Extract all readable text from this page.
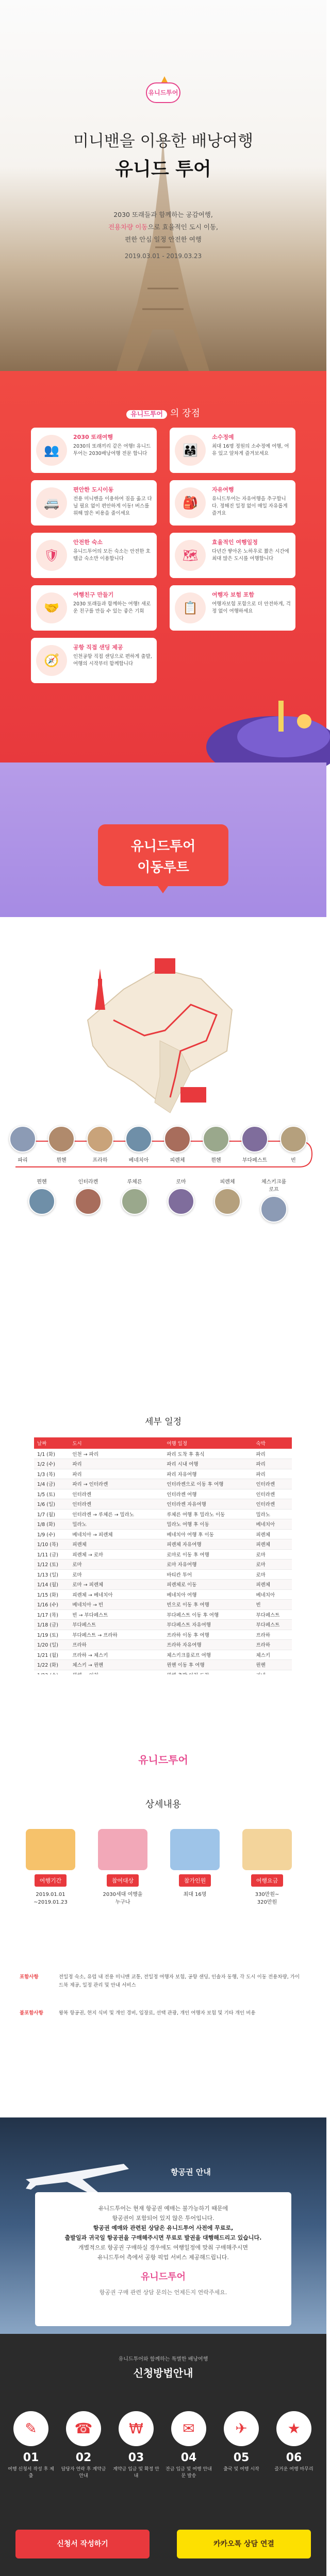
유니드투어
미니밴을 이용한 배낭여행
유니드 투어
2030 또래들과 함께하는 공감여행,
전용차량 이동으로 효율적인 도시 이동,
편한 안심 일정 안전한 여행
2019.03.01 - 2019.03.23
유니드투어 의 장점
👥
2030 또래여행
2030의 또래끼리 같은 여행! 유니드투어는 2030배낭여행 전문 합니다	👨‍👩‍👧
소수정예
최대 16명 정원의 소수정예 여행, 여유 있고 알차게 즐겨보세요
🚐
편안한 도시이동
전용 미니밴을 이용하여 짐을 옮고 다닐 필요 없이 편안하게 이동! 버스를 위해 많은 비용을 줄이세요
🎒
자유여행
유니드투어는 자유여행을 추구합니다. 정해진 일정 없이 매일 자유롭게 즐겨요
🛡
안전한 숙소
유니드투어의 모든 숙소는 안전한 호텔급 숙소만 이용합니다	🗺
효율적인 여행일정
다년간 쌓아온 노하우로 짧은 시간에 최대 많은 도시를 여행합니다
🤝
여행친구 만들기
2030 또래들과 함께하는 여행! 새로운 친구를 만들 수 있는 좋은 기회	📋
여행자 보험 포함
여행자보험 포함으로 더 안전하게, 걱정 없이 여행하세요
🧭
공항 직접 샌딩 제공
인천공항 직접 샌딩으로 편하게 출발, 여행의 시작부터 함께합니다
유니드투어
이동루트
파리	뮌헨	프라하	베네치아	피렌체	뮌헨	부다페스트	빈
뮌헨	인터라켄	루체른	로마	피렌체	체스키크룸로프
세부 일정
날짜	도시	여행 일정	숙박
1/1 (화)	인천 → 파리	파리 도착 후 휴식	파리
1/2 (수)	파리	파리 시내 여행	파리
1/3 (목)	파리	파리 자유여행	파리
1/4 (금)	파리 → 인터라켄	인터라켄으로 이동 후 여행	인터라켄
1/5 (토)	인터라켄	인터라켄 여행	인터라켄
1/6 (일)	인터라켄	인터라켄 자유여행	인터라켄
1/7 (월)	인터라켄 → 루체른 → 밀라노	루체른 여행 후 밀라노 이동	밀라노
1/8 (화)	밀라노	밀라노 여행 후 이동	베네치아
1/9 (수)	베네치아 → 피렌체	베네치아 여행 후 이동	피렌체
1/10 (목)	피렌체	피렌체 자유여행	피렌체
1/11 (금)	피렌체 → 로마	로마로 이동 후 여행	로마
1/12 (토)	로마	로마 자유여행	로마
1/13 (일)	로마	바티칸 투어	로마
1/14 (월)	로마 → 피렌체	피렌체로 이동	피렌체
1/15 (화)	피렌체 → 베네치아	베네치아 여행	베네치아
1/16 (수)	베네치아 → 빈	빈으로 이동 후 여행	빈
1/17 (목)	빈 → 부다페스트	부다페스트 이동 후 여행	부다페스트
1/18 (금)	부다페스트	부다페스트 자유여행	부다페스트
1/19 (토)	부다페스트 → 프라하	프라하 이동 후 여행	프라하
1/20 (일)	프라하	프라하 자유여행	프라하
1/21 (월)	프라하 → 체스키	체스키크룸로프 여행	체스키
1/22 (화)	체스키 → 뮌헨	뮌헨 이동 후 여행	뮌헨

유니드투어
상세내용
여행기간
2019.01.01
~2019.01.23
참여대상
2030세대 여행을
누구나
참가인원
최대 16명
여행요금
330만원~
320만원
포함사항	전일정 숙소, 유럽 내 전용 미니밴 교통, 전일정 여행자 보험, 공항 샌딩, 인솔자 동행, 각 도시 이동 전용차량, 가이드북 제공, 일정 관리 및 안내 서비스
불포함사항	왕복 항공권, 현지 식비 및 개인 경비, 입장료, 선택 관광, 개인 여행자 보험 및 기타 개인 비용
항공권 안내

유니드투어는 현재 항공권 예매는 불가능하기 때문에

항공권이 포함되어 있지 않은 투어입니다.

항공권 예매와 관련된 상담은 유니드투어 사전에 무료로,

출발일과 귀국일 항공권을 구매해주시면 무료로 발권을 대행해드리고 있습니다.

개별적으로 항공권 구매하실 경우에도 여행일정에 맞춰 구매해주시면

유니드투어 측에서 공항 픽업 서비스 제공해드립니다.

유니드투어
항공권 구매 관련 상담 문의는 언제든지 연락주세요.
유니드투어와 함께하는 특별한 배낭여행
신청방법안내
✎
01
여행 신청서 작성 후 제출
☎
02
담당자 연락 후 계약금 안내
₩
03
계약금 입금 및 확정 안내
✉
04
잔금 입금 및 여행 안내문 발송
✈
05
출국 및 여행 시작
★
06
즐거운 여행 마무리
신청서 작성하기	카카오톡 상담 연결
